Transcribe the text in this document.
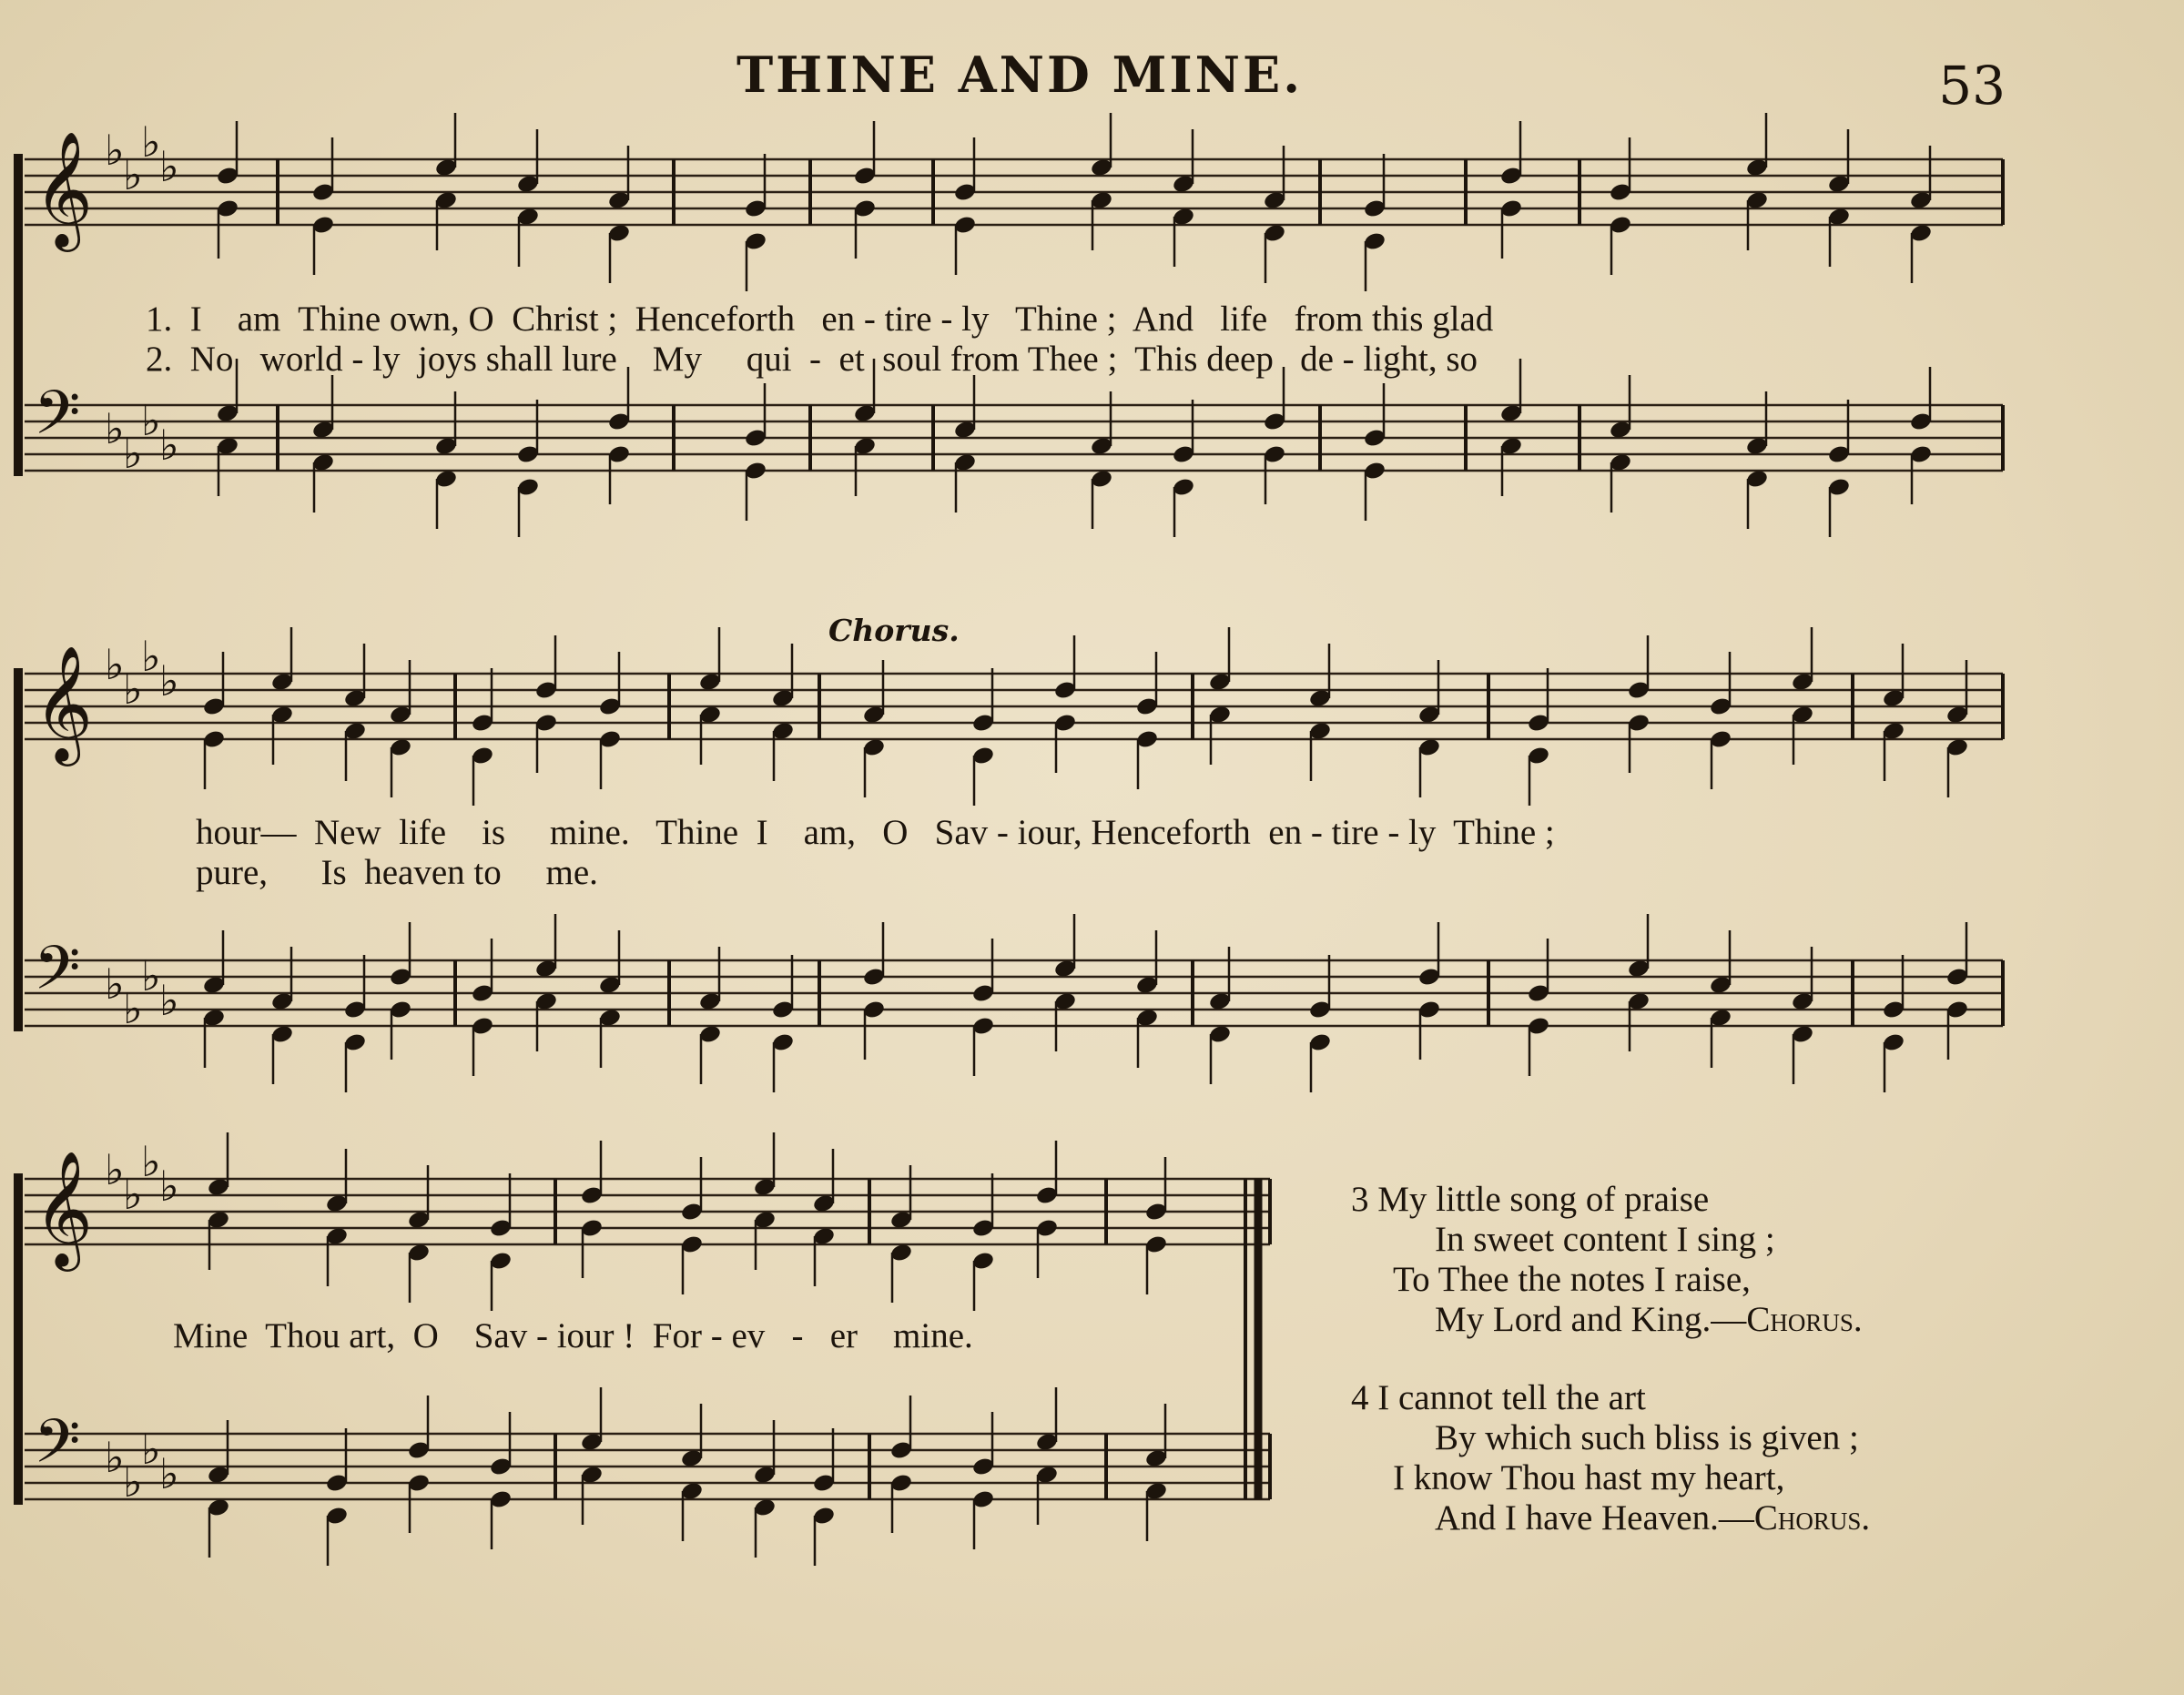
THINE AND MINE.	53
𝄞 ♭
♭
♭
♭
𝄢 ♭
♭
♭
♭
𝄞 ♭
♭
♭
♭
𝄢 ♭
♭
♭
♭
𝄞 ♭
♭
♭
♭
𝄢 ♭
♭
♭
♭
Chorus.
1.  I    am  Thine own, O  Christ ;  Henceforth   en - tire - ly   Thine ;  And   life   from this glad
2.  No   world - ly  joys shall lure    My     qui  -  et  soul from Thee ;  This deep   de - light, so
hour—  New  life    is     mine.   Thine  I    am,   O   Sav - iour, Henceforth  en - tire - ly  Thine ;
pure,      Is  heaven to     me.
Mine  Thou art,  O    Sav - iour !  For - ev   -   er    mine.
3 My little song of praise
In sweet content I sing ;
To Thee the notes I raise,
My Lord and King.—Chorus.
4 I cannot tell the art
By which such bliss is given ;
I know Thou hast my heart,
And I have Heaven.—Chorus.
